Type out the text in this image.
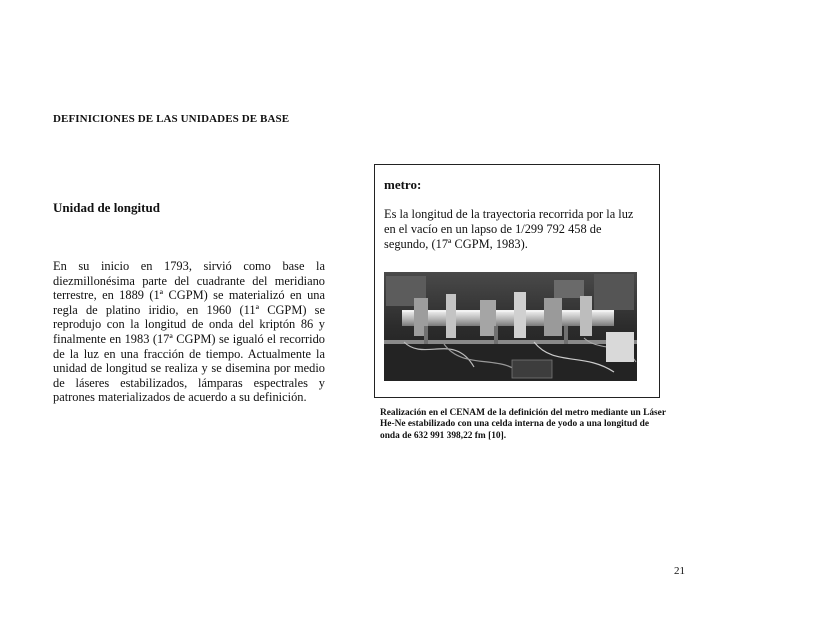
DEFINICIONES DE LAS UNIDADES DE BASE
Unidad de longitud
En su inicio en 1793, sirvió como base la diezmillonésima parte del cuadrante del meridiano terrestre, en 1889 (1ª CGPM) se materializó en una regla de platino iridio, en 1960 (11ª CGPM) se reprodujo con la longitud de onda del kriptón 86 y finalmente en 1983 (17ª CGPM) se igualó el recorrido de la luz en una fracción de tiempo. Actualmente la unidad de longitud se realiza y se disemina por medio de láseres estabilizados, lámparas espectrales y patrones materializados de acuerdo a su definición.
metro:
Es la longitud de la trayectoria recorrida por la luz en el vacío en un lapso de 1/299 792 458 de segundo, (17ª CGPM, 1983).
Realización en el CENAM de la definición del metro mediante un Láser He-Ne estabilizado con una celda interna de yodo a una longitud de onda de 632 991 398,22 fm [10].
21
